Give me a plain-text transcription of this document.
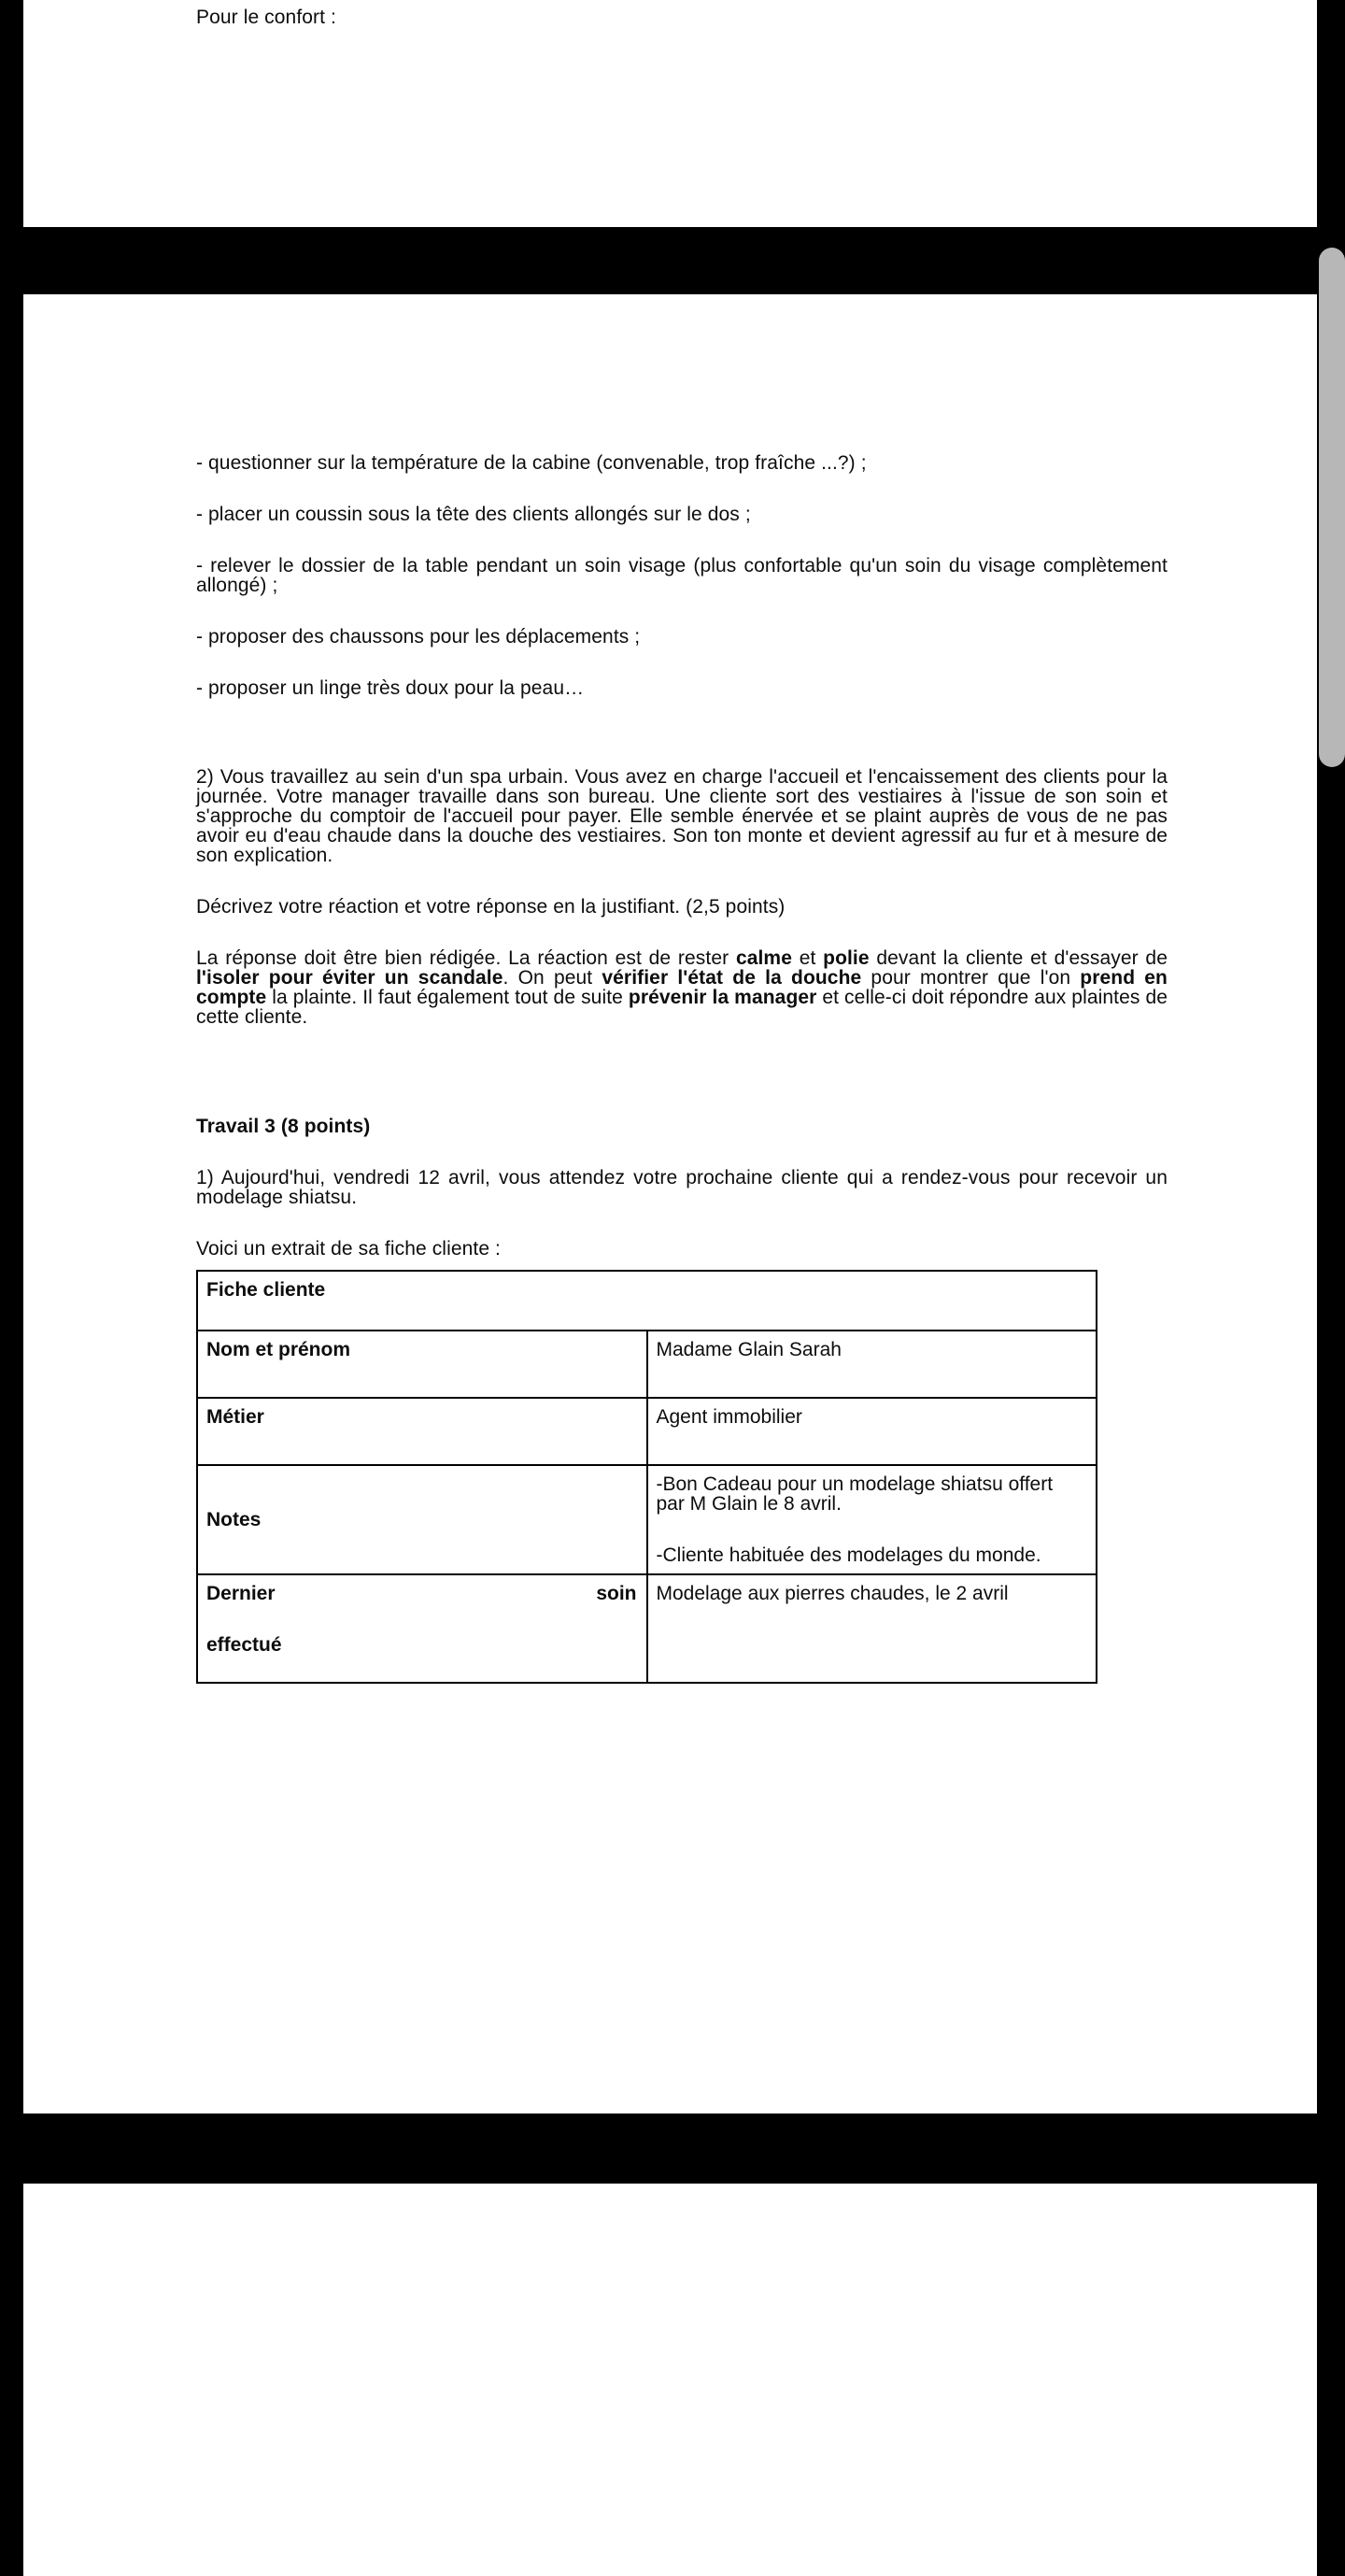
Pour le confort :

- questionner sur la température de la cabine (convenable, trop fraîche ...?) ;

- placer un coussin sous la tête des clients allongés sur le dos ;

- relever le dossier de la table pendant un soin visage (plus confortable qu'un soin du visage complètement allongé) ;

- proposer des chaussons pour les déplacements ;

- proposer un linge très doux pour la peau…

2) Vous travaillez au sein d'un spa urbain. Vous avez en charge l'accueil et l'encaissement des clients pour la journée. Votre manager travaille dans son bureau. Une cliente sort des vestiaires à l'issue de son soin et s'approche du comptoir de l'accueil pour payer. Elle semble énervée et se plaint auprès de vous de ne pas avoir eu d'eau chaude dans la douche des vestiaires. Son ton monte et devient agressif au fur et à mesure de son explication.

Décrivez votre réaction et votre réponse en la justifiant. (2,5 points)

La réponse doit être bien rédigée. La réaction est de rester calme et polie devant la cliente et d'essayer de l'isoler pour éviter un scandale. On peut vérifier l'état de la douche pour montrer que l'on prend en compte la plainte. Il faut également tout de suite prévenir la manager et celle-ci doit répondre aux plaintes de cette cliente.

Travail 3 (8 points)

1) Aujourd'hui, vendredi 12 avril, vous attendez votre prochaine cliente qui a rendez-vous pour recevoir un modelage shiatsu.

Voici un extrait de sa fiche cliente :

Fiche cliente	
Nom et prénom	Madame Glain Sarah
Métier	Agent immobilier
Notes	-Bon Cadeau pour un modelage shiatsu offert par M Glain le 8 avril.
-Cliente habituée des modelages du monde.

Dernier soin
effectué	Modelage aux pierres chaudes, le 2 avril
